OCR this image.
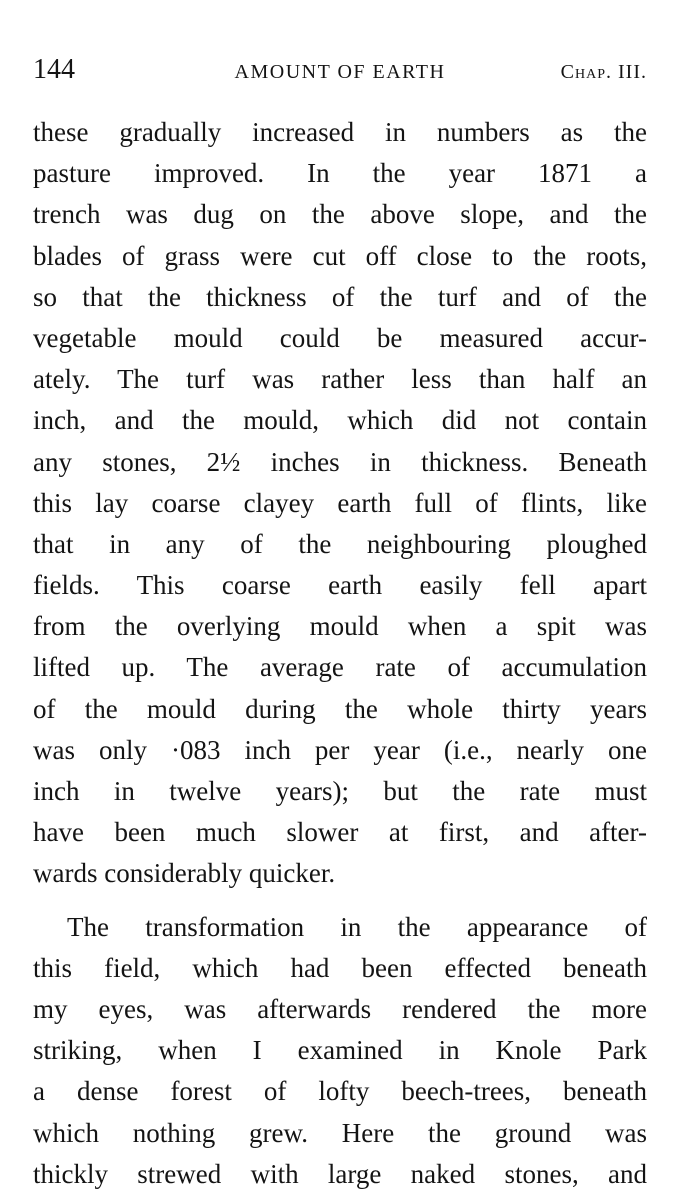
144	AMOUNT OF EARTH	Chap. III.
these gradually increased in numbers as the
pasture improved. In the year 1871 a
trench was dug on the above slope, and the
blades of grass were cut off close to the roots,
so that the thickness of the turf and of the
vegetable mould could be measured accur-
ately. The turf was rather less than half an
inch, and the mould, which did not contain
any stones, 2½ inches in thickness. Beneath
this lay coarse clayey earth full of flints, like
that in any of the neighbouring ploughed
fields. This coarse earth easily fell apart
from the overlying mould when a spit was
lifted up. The average rate of accumulation
of the mould during the whole thirty years
was only ·083 inch per year (i.e., nearly one
inch in twelve years); but the rate must
have been much slower at first, and after-
wards considerably quicker.
The transformation in the appearance of
this field, which had been effected beneath
my eyes, was afterwards rendered the more
striking, when I examined in Knole Park
a dense forest of lofty beech-trees, beneath
which nothing grew. Here the ground was
thickly strewed with large naked stones, and
